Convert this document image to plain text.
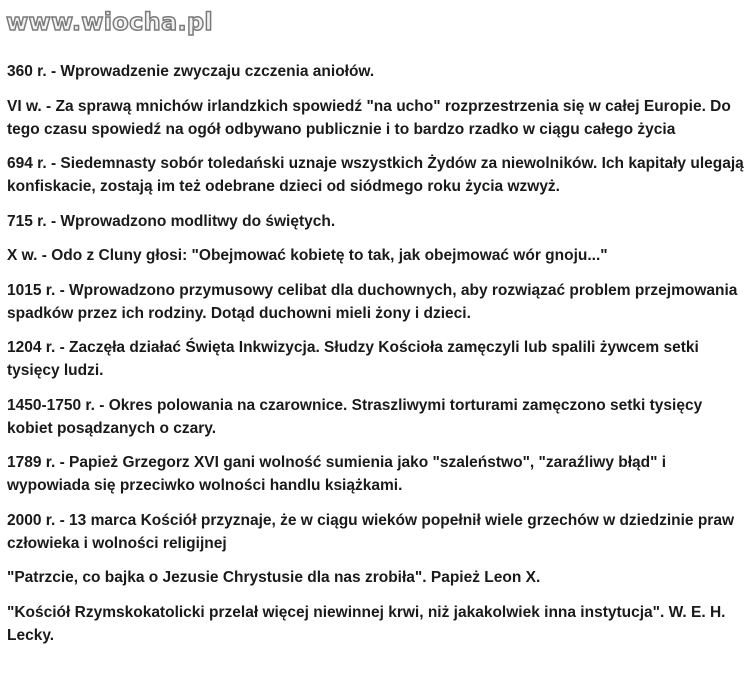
www.wiocha.pl
360 r. - Wprowadzenie zwyczaju czczenia aniołów.
VI w. - Za sprawą mnichów irlandzkich spowiedź "na ucho" rozprzestrzenia się w całej Europie. Do tego czasu spowiedź na ogół odbywano publicznie i to bardzo rzadko w ciągu całego życia
694 r. - Siedemnasty sobór toledański uznaje wszystkich Żydów za niewolników. Ich kapitały ulegają konfiskacie, zostają im też odebrane dzieci od siódmego roku życia wzwyż.
715 r. - Wprowadzono modlitwy do świętych.
X w. - Odo z Cluny głosi: "Obejmować kobietę to tak, jak obejmować wór gnoju..."
1015 r. - Wprowadzono przymusowy celibat dla duchownych, aby rozwiązać problem przejmowania spadków przez ich rodziny. Dotąd duchowni mieli żony i dzieci.
1204 r. - Zaczęła działać Święta Inkwizycja. Słudzy Kościoła zamęczyli lub spalili żywcem setki tysięcy ludzi.
1450-1750 r. - Okres polowania na czarownice. Straszliwymi torturami zamęczono setki tysięcy kobiet posądzanych o czary.
1789 r. - Papież Grzegorz XVI gani wolność sumienia jako "szaleństwo", "zaraźliwy błąd" i wypowiada się przeciwko wolności handlu książkami.
2000 r. - 13 marca Kościół przyznaje, że w ciągu wieków popełnił wiele grzechów w dziedzinie praw człowieka i wolności religijnej
"Patrzcie, co bajka o Jezusie Chrystusie dla nas zrobiła". Papież Leon X.
"Kościół Rzymskokatolicki przelał więcej niewinnej krwi, niż jakakolwiek inna instytucja". W. E. H. Lecky.
